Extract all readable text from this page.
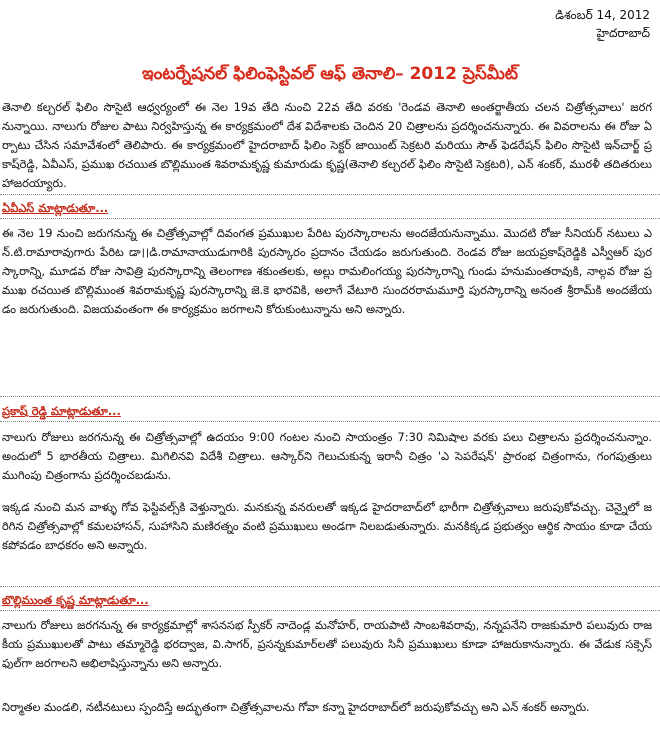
డిశంబర్ 14, 2012
హైదరాబాద్
ఇంటర్నేషనల్ ఫిలింఫెస్టివల్ ఆఫ్ తెనాలి– 2012 ప్రెస్‌మీట్

తెనాలి కల్చరల్ ఫిలిం సొసైటి ఆధ్వర్యంలో ఈ నెల 19వ తేది నుంచి 22వ తేది వరకు 'రెండవ తెనాలి అంతర్జాతీయ చలన చిత్రోత్సవాలు' జరగనున్నాయి. నాలుగు రోజుల పాటు నిర్వహిస్తున్న ఈ కార్యక్రమంలో దేశ విదేశాలకు చెందిన 20 చిత్రాలను ప్రదర్శించనున్నారు. ఈ వివరాలను ఈ రోజు ఏర్పాటు చేసిన సమావేశంలో తెలిపారు. ఈ కార్యక్రమంలో హైదరాబాద్ ఫిలిం సెక్టర్ జాయింట్ సెక్రటరి మరియు సౌత్ ఫెడరేషన్ ఫిలిం సొసైటి ఇన్‌చార్జ్ ప్రకాష్‌రెడ్డి, ఏవీఎస్, ప్రముఖ రచయిత బొల్లిముంత శివరామకృష్ణ కుమారుడు కృష్ణ(తెనాలి కల్చరల్ ఫిలిం సొసైటి సెక్రటరి), ఎన్ శంకర్, మురళీ తదితరులు హాజరయ్యారు.

ఏవీఎస్ మాట్లాడుతూ...

ఈ నెల 19 నుంచి జరుగనున్న ఈ చిత్రోత్సవాల్లో దివంగత ప్రముఖుల పేరిట పురస్కారాలను అందజేయనున్నాము. మొదటి రోజు సీనియర్ నటులు ఎన్.టి.రామారావుగారు పేరిట డా।।డి.రామానాయుడుగారికి పురస్కారం ప్రదానం చేయడం జరుగుతుంది. రెండవ రోజు జయప్రకాష్‌రెడ్డికి ఎస్వీఆర్ పురస్కారాన్ని, మూడవ రోజు సావిత్రి పురస్కారాన్ని తెలంగాణ శకుంతలకు, అల్లు రామలింగయ్య పురస్కారాన్ని గుండు హనుమంతరావుకి, నాల్గవ రోజు ప్రముఖ రచయిత బొల్లిముంత శివరామకృష్ణ పురస్కారాన్ని జె.కె భారవికి, అలాగే వేటూరి సుందరరామమూర్తి పురస్కారాన్ని అనంత శ్రీరామ్‌కి అందజేయడం జరుగుతుంది. విజయవంతంగా ఈ కార్యక్రమం జరగాలని కోరుకుంటున్నాను అని అన్నారు.

ప్రకాష్ రెడ్డి మాట్లాడుతూ...

నాలుగు రోజులు జరగనున్న ఈ చిత్రోత్సవాల్లో ఉదయం 9:00 గంటల నుంచి సాయంత్రం 7:30 నిమిషాల వరకు పలు చిత్రాలను ప్రదర్శించనున్నాం. అందులో 5 భారతీయ చిత్రాలు. మిగిలినవి విదేశీ చిత్రాలు. ఆస్కార్‌ని గెలుచుకున్న ఇరానీ చిత్రం 'ఎ సెపరేషన్' ప్రారంభ చిత్రంగాను, గంగపుత్రులు ముగింపు చిత్రంగాను ప్రదర్శించబడును.

ఇక్కడ నుంచి మన వాళ్ళు గోవ ఫెస్టివల్స్‌కి వెళ్తున్నారు. మనకున్న వనరులతో ఇక్కడ హైదరాబాద్‌లో భారీగా చిత్రోత్సవాలు జరుపుకోవచ్చు. చెన్నైలో జరిగిన చిత్రోత్సవాల్లో కమలహాసన్, సుహాసిని మణిరత్నం వంటి ప్రముఖులు అండగా నిలబడుతున్నారు. మనకిక్కడ ప్రభుత్వం ఆర్థిక సాయం కూడా చేయకపోవడం బాధకరం అని అన్నారు.

బొల్లిముంత కృష్ణ మాట్లాడుతూ...

నాలుగు రోజులు జరగనున్న ఈ కార్యక్రమాల్లో శాసనసభ స్పీకర్ నాదెండ్ల మనోహర్, రాయపాటి సాంబశివరావు, నన్నపనేని రాజకుమారి పలువురు రాజకీయ ప్రముఖులతో పాటు తమ్మారెడ్డి భరద్వాజ, వి.సాగర్, ప్రసన్నకుమార్‌లతో పలువురు సినీ ప్రముఖులు కూడా హాజరుకానున్నారు. ఈ వేడుక సక్సెస్ ఫుల్‌గా జరగాలని అభిలాషిస్తున్నాను అని అన్నారు.

నిర్మాతల మండలి, నటీనటులు స్పందిస్తే అద్భుతంగా చిత్రోత్సవాలను గోవా కన్నా హైదరాబాద్‌లో జరుపుకోవచ్చు అని ఎన్ శంకర్ అన్నారు.
